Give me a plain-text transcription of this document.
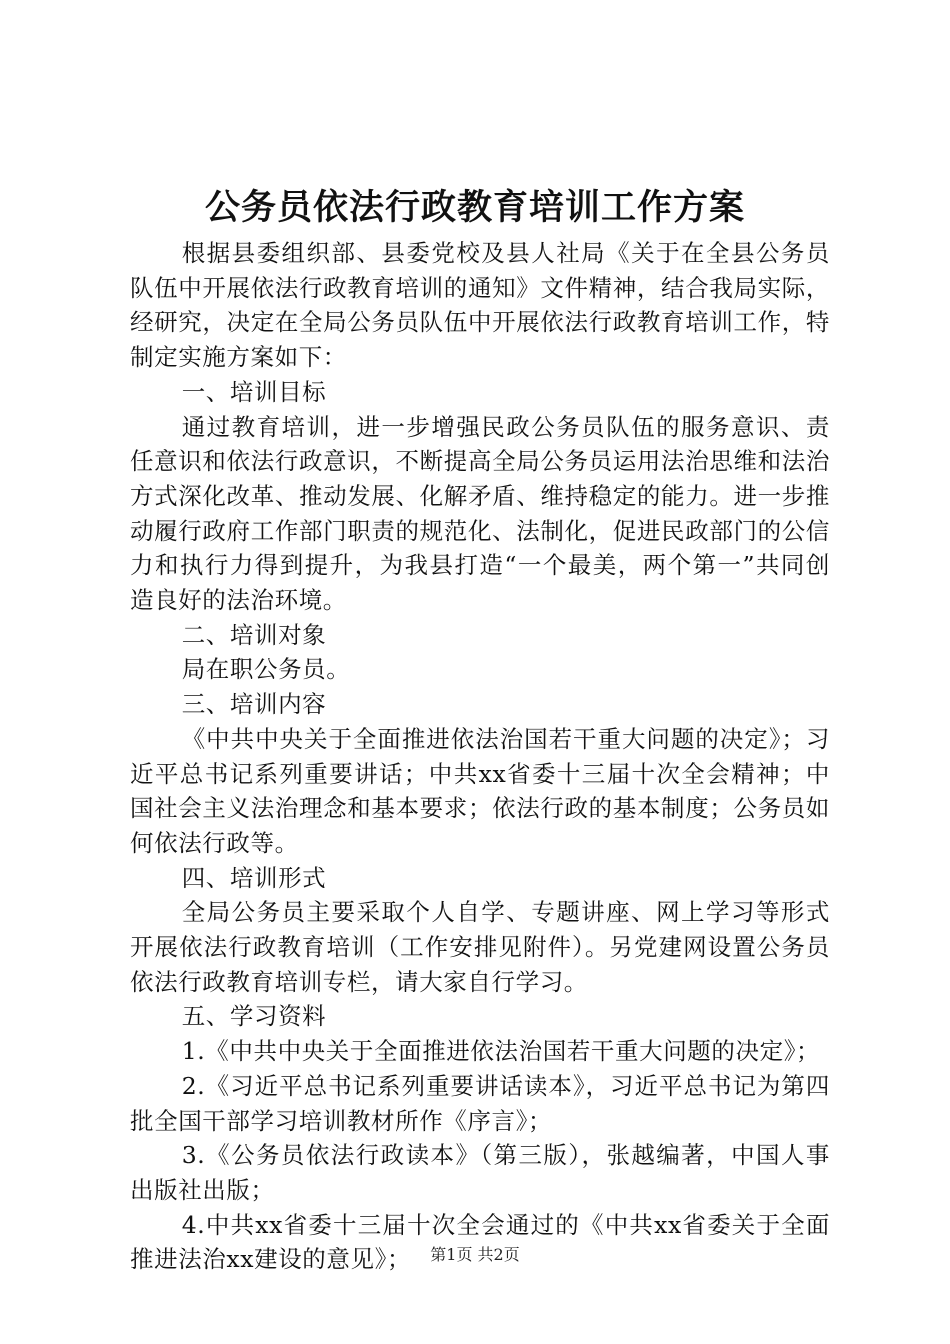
公务员依法行政教育培训工作方案

根据县委组织部、县委党校及县人社局《关于在全县公务员队伍中开展依法行政教育培训的通知》文件精神，结合我局实际，经研究，决定在全局公务员队伍中开展依法行政教育培训工作，特制定实施方案如下：

一、培训目标

通过教育培训，进一步增强民政公务员队伍的服务意识、责任意识和依法行政意识，不断提高全局公务员运用法治思维和法治方式深化改革、推动发展、化解矛盾、维持稳定的能力。进一步推动履行政府工作部门职责的规范化、法制化，促进民政部门的公信力和执行力得到提升，为我县打造“一个最美，两个第一”共同创造良好的法治环境。

二、培训对象

局在职公务员。

三、培训内容

《中共中央关于全面推进依法治国若干重大问题的决定》；习近平总书记系列重要讲话；中共xx省委十三届十次全会精神；中国社会主义法治理念和基本要求；依法行政的基本制度；公务员如何依法行政等。

四、培训形式

全局公务员主要采取个人自学、专题讲座、网上学习等形式开展依法行政教育培训（工作安排见附件）。另党建网设置公务员依法行政教育培训专栏，请大家自行学习。

五、学习资料

1.《中共中央关于全面推进依法治国若干重大问题的决定》；

2.《习近平总书记系列重要讲话读本》，习近平总书记为第四批全国干部学习培训教材所作《序言》；

3.《公务员依法行政读本》（第三版），张越编著，中国人事出版社出版；

4.中共xx省委十三届十次全会通过的《中共xx省委关于全面推进法治xx建设的意见》；	第1页 共2页
